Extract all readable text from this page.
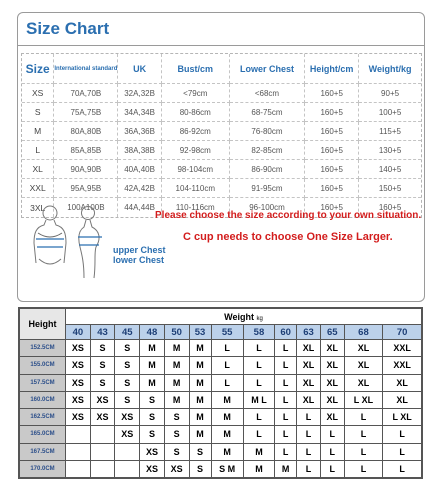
Size Chart
Size	International standard	UK	Bust/cm	Lower Chest	Height/cm	Weight/kg
XS	70A,70B	32A,32B	<79cm	<68cm	160+5	90+5
S	75A,75B	34A,34B	80-86cm	68-75cm	160+5	100+5
M	80A,80B	36A,36B	86-92cm	76-80cm	160+5	115+5
L	85A,85B	38A,38B	92-98cm	82-85cm	160+5	130+5
XL	90A,90B	40A,40B	98-104cm	86-90cm	160+5	140+5
XXL	95A,95B	42A,42B	104-110cm	91-95cm	160+5	150+5
3XL	100A100B	44A,44B	110-116cm	96-100cm	160+5	160+5
upper Chest
lower Chest
Please choose the size according to your own situation.
C cup needs to choose One Size Larger.
Height	Weight kg												
	40	43	45	48	50	53	55	58	60	63	65	68	70
152.5CM	XS	S	S	M	M	M	L	L	L	XL	XL	XL	XXL
155.0CM	XS	S	S	M	M	M	L	L	L	XL	XL	XL	XXL
157.5CM	XS	S	S	M	M	M	L	L	L	XL	XL	XL	XL
160.0CM	XS	XS	S	S	M	M	M	M L	L	XL	XL	L XL	XL
162.5CM	XS	XS	XS	S	S	M	M	L	L	L	XL	L	L XL
165.0CM			XS	S	S	M	M	L	L	L	L	L	L
167.5CM				XS	S	S	M	M	L	L	L	L	L
170.0CM				XS	XS	S	S M	M	M	L	L	L	L
